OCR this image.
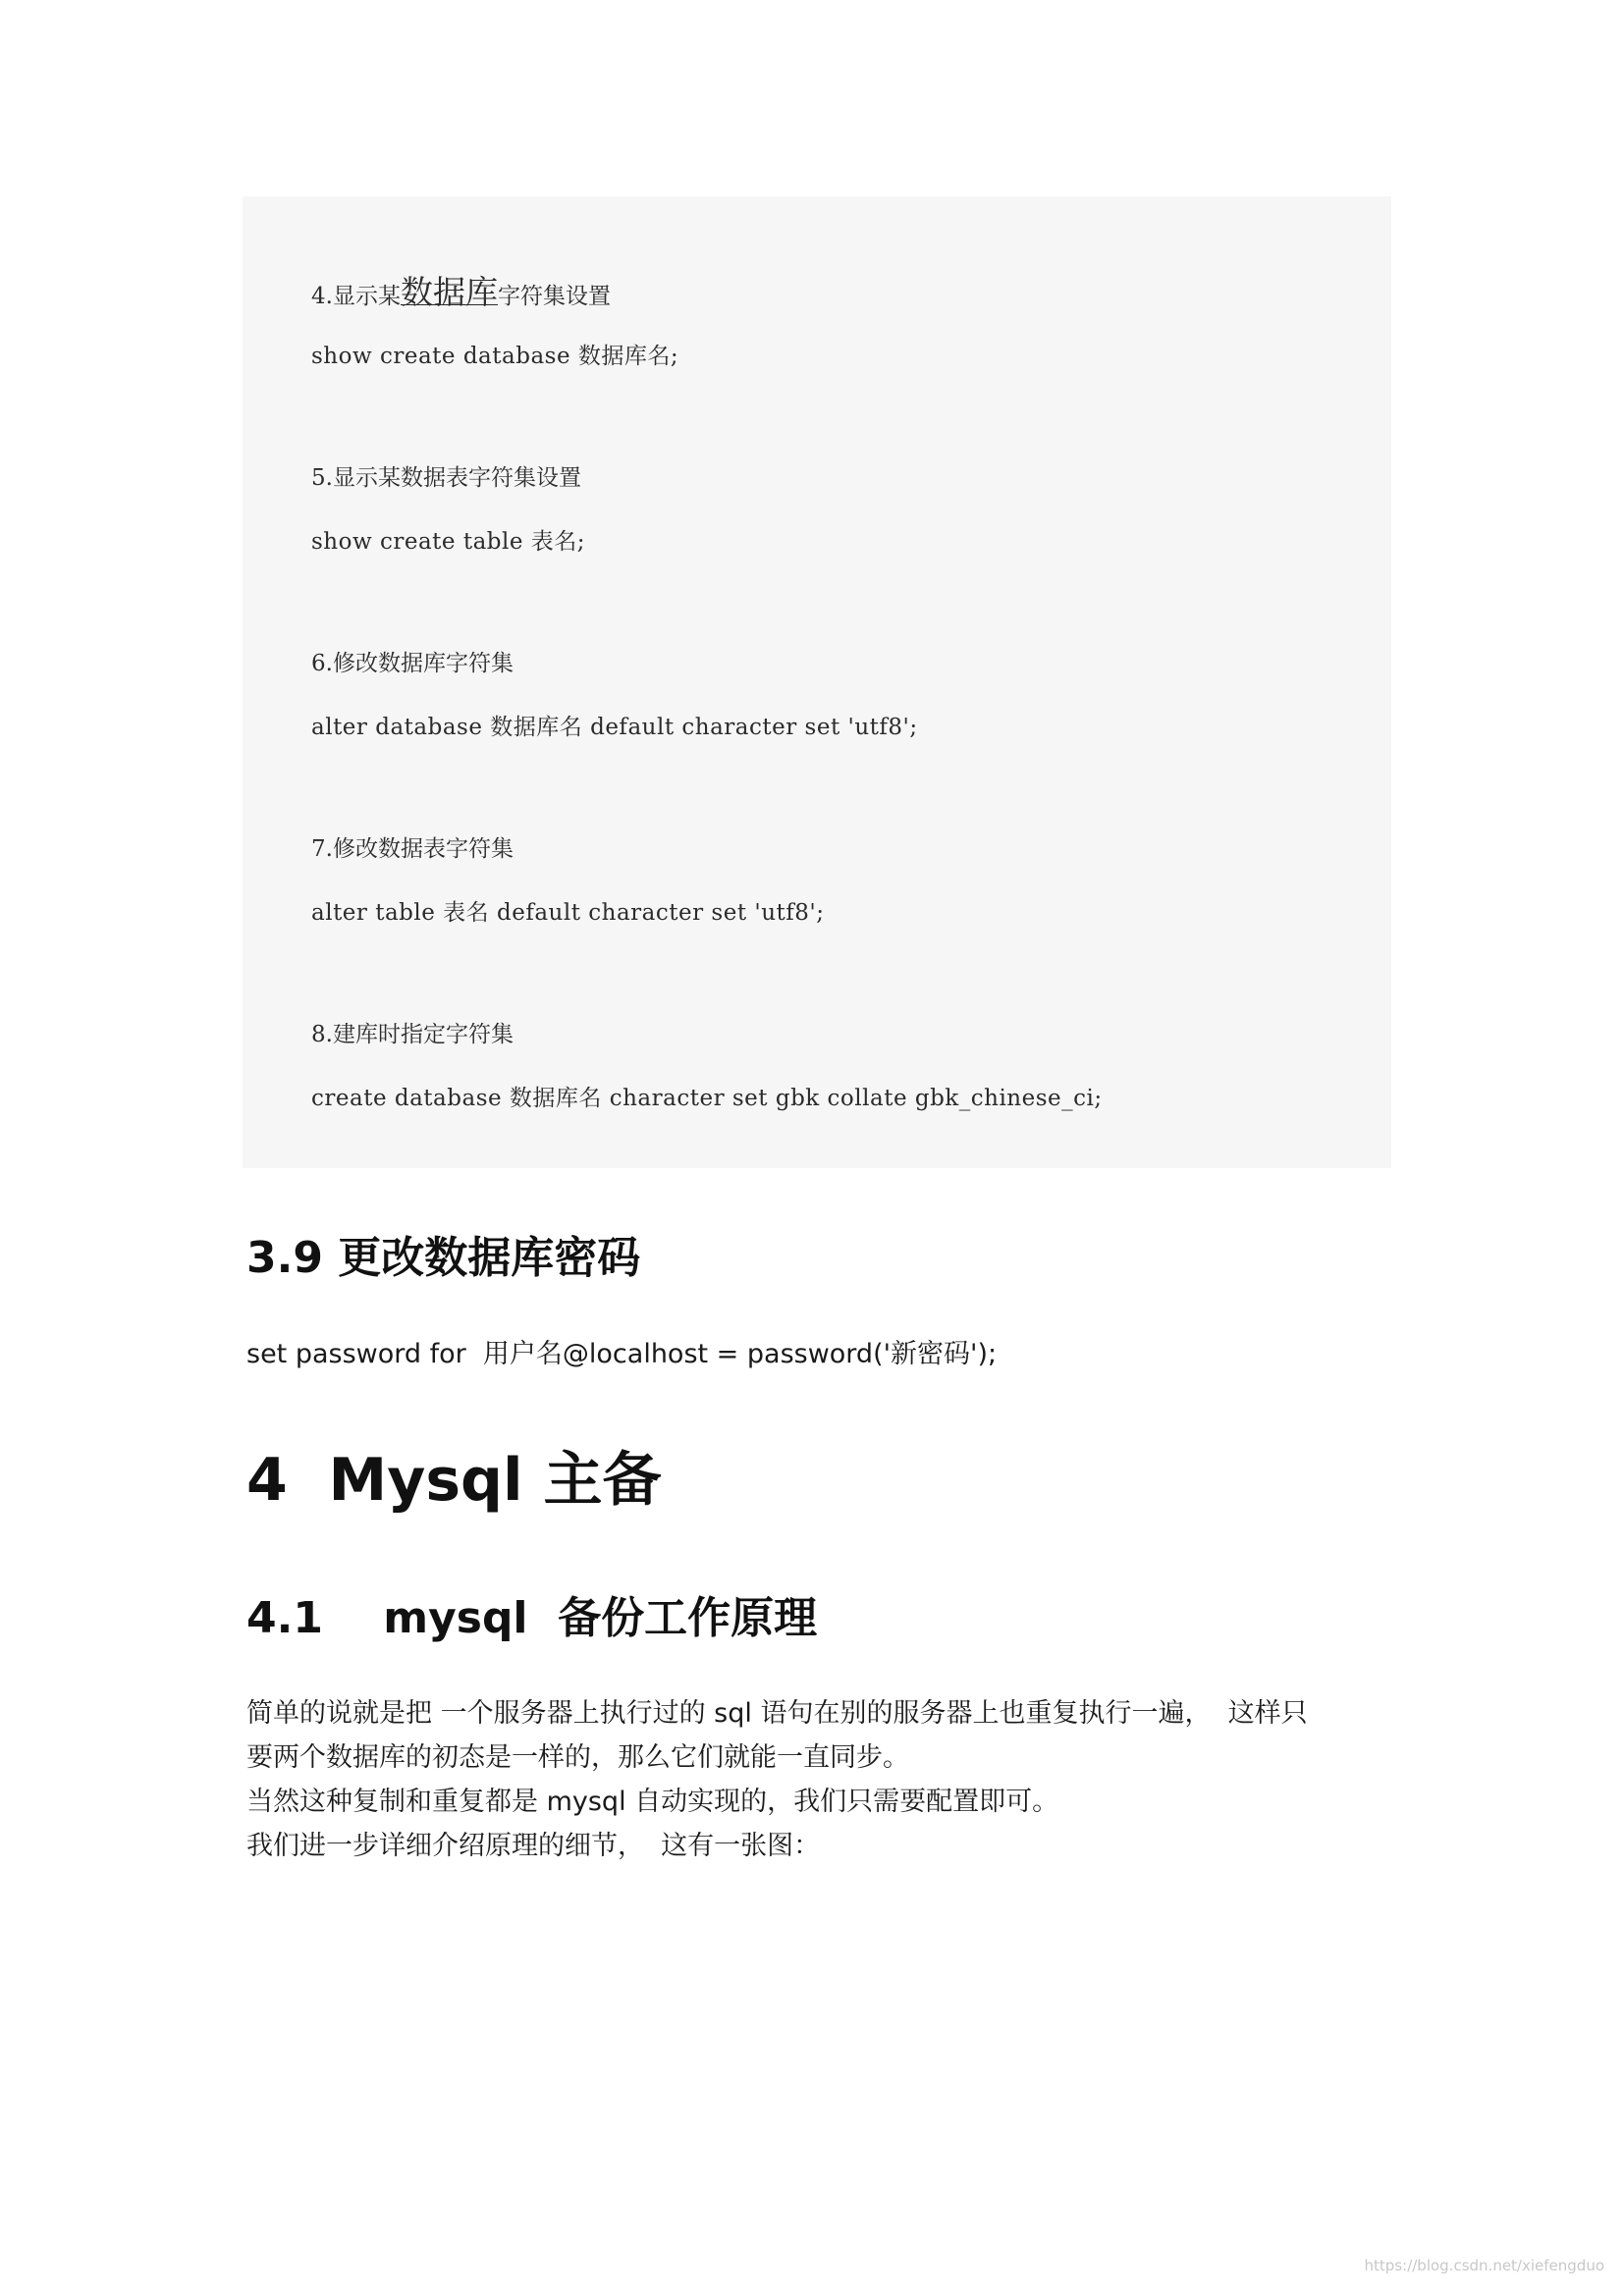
4.显示某数据库字符集设置
show create database 数据库名;
5.显示某数据表字符集设置
show create table 表名;
6.修改数据库字符集
alter database 数据库名 default character set 'utf8';
7.修改数据表字符集
alter table 表名 default character set 'utf8';
8.建库时指定字符集
create database 数据库名 character set gbk collate gbk_chinese_ci;
3.9 更改数据库密码
set password for  用户名@localhost = password('新密码');
4  Mysql 主备
4.1    mysql  备份工作原理
简单的说就是把 一个服务器上执行过的 sql 语句在别的服务器上也重复执行一遍，  这样只
要两个数据库的初态是一样的，那么它们就能一直同步。
当然这种复制和重复都是 mysql 自动实现的，我们只需要配置即可。
我们进一步详细介绍原理的细节，  这有一张图：
https://blog.csdn.net/xiefengduo
